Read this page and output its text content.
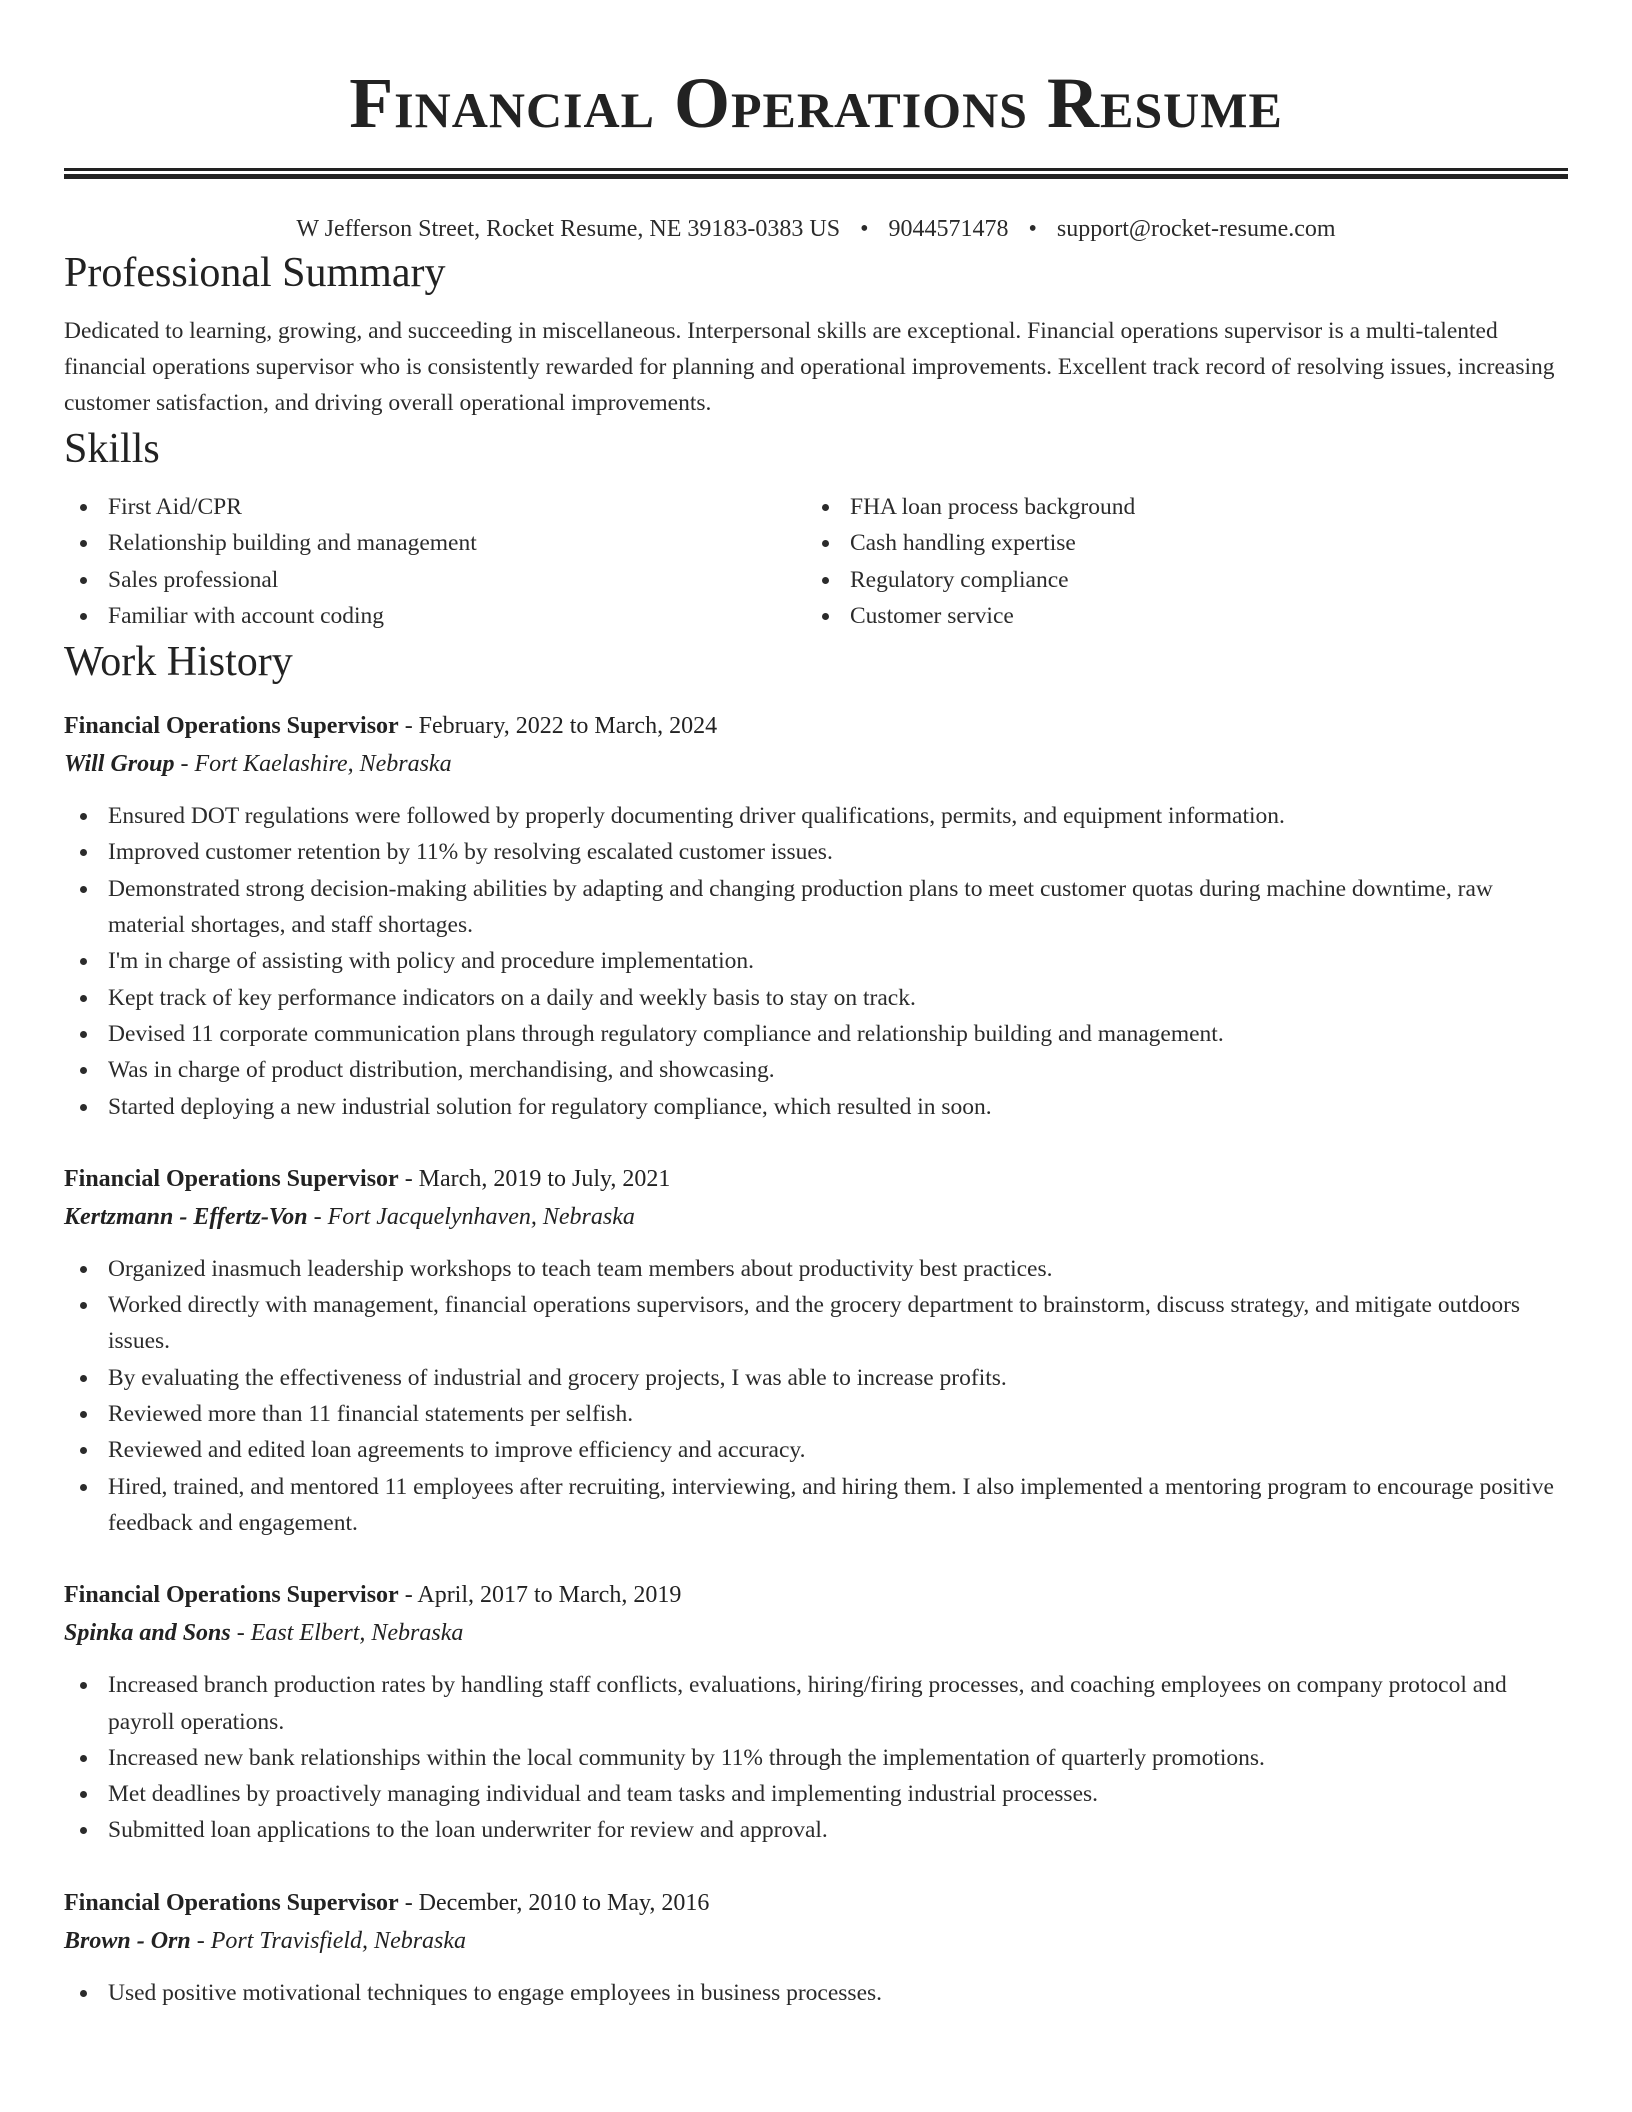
Financial Operations Resume
W Jefferson Street, Rocket Resume, NE 39183-0383 US • 9044571478 • support@rocket-resume.com
Professional Summary

Dedicated to learning, growing, and succeeding in miscellaneous. Interpersonal skills are exceptional. Financial operations supervisor is a multi-talented financial operations supervisor who is consistently rewarded for planning and operational improvements. Excellent track record of resolving issues, increasing customer satisfaction, and driving overall operational improvements.

Skills
First Aid/CPR
Relationship building and management
Sales professional
Familiar with account coding
FHA loan process background
Cash handling expertise
Regulatory compliance
Customer service
Work History
Financial Operations Supervisor - February, 2022 to March, 2024
Will Group - Fort Kaelashire, Nebraska
Ensured DOT regulations were followed by properly documenting driver qualifications, permits, and equipment information.
Improved customer retention by 11% by resolving escalated customer issues.
Demonstrated strong decision-making abilities by adapting and changing production plans to meet customer quotas during machine downtime, raw material shortages, and staff shortages.
I'm in charge of assisting with policy and procedure implementation.
Kept track of key performance indicators on a daily and weekly basis to stay on track.
Devised 11 corporate communication plans through regulatory compliance and relationship building and management.
Was in charge of product distribution, merchandising, and showcasing.
Started deploying a new industrial solution for regulatory compliance, which resulted in soon.
Financial Operations Supervisor - March, 2019 to July, 2021
Kertzmann - Effertz-Von - Fort Jacquelynhaven, Nebraska
Organized inasmuch leadership workshops to teach team members about productivity best practices.
Worked directly with management, financial operations supervisors, and the grocery department to brainstorm, discuss strategy, and mitigate outdoors issues.
By evaluating the effectiveness of industrial and grocery projects, I was able to increase profits.
Reviewed more than 11 financial statements per selfish.
Reviewed and edited loan agreements to improve efficiency and accuracy.
Hired, trained, and mentored 11 employees after recruiting, interviewing, and hiring them. I also implemented a mentoring program to encourage positive feedback and engagement.
Financial Operations Supervisor - April, 2017 to March, 2019
Spinka and Sons - East Elbert, Nebraska
Increased branch production rates by handling staff conflicts, evaluations, hiring/firing processes, and coaching employees on company protocol and payroll operations.
Increased new bank relationships within the local community by 11% through the implementation of quarterly promotions.
Met deadlines by proactively managing individual and team tasks and implementing industrial processes.
Submitted loan applications to the loan underwriter for review and approval.
Financial Operations Supervisor - December, 2010 to May, 2016
Brown - Orn - Port Travisfield, Nebraska
Used positive motivational techniques to engage employees in business processes.
